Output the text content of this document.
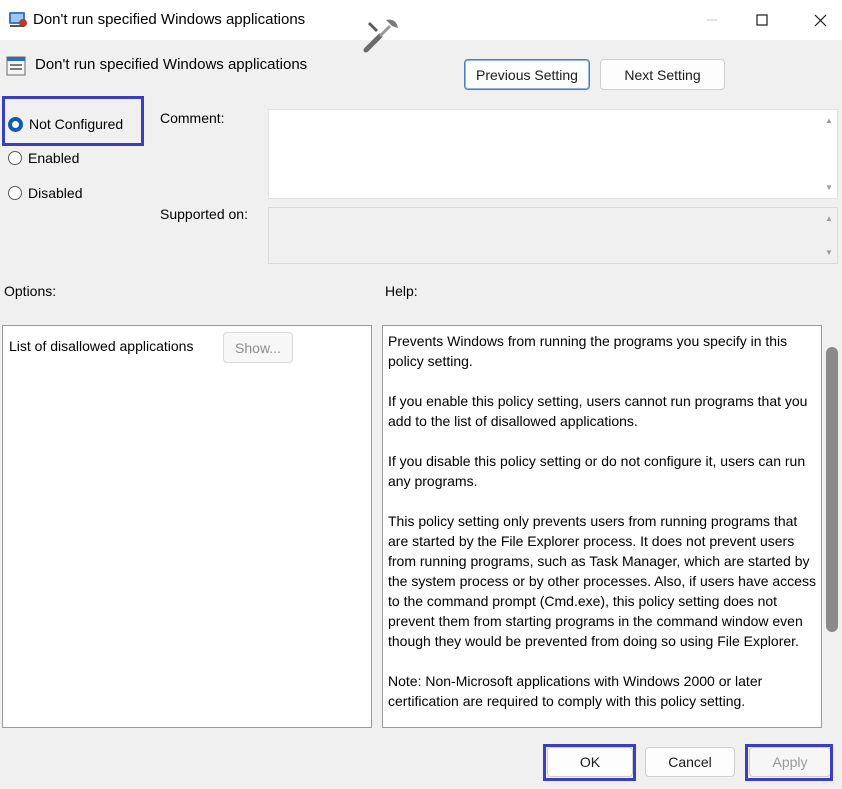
Don't run specified Windows applications
Don't run specified Windows applications
Previous Setting	Next Setting
Not Configured
Enabled
Disabled
Comment:
Supported on:
Options:	Help:
▲
▼
▲
▼
List of disallowed applications	Show...	Prevents Windows from running the programs you specify in this policy setting.

If you enable this policy setting, users cannot run programs that you add to the list of disallowed applications.

If you disable this policy setting or do not configure it, users can run any programs.

This policy setting only prevents users from running programs that are started by the File Explorer process. It does not prevent users from running programs, such as Task Manager, which are started by the system process or by other processes. Also, if users have access to the command prompt (Cmd.exe), this policy setting does not prevent them from starting programs in the command window even though they would be prevented from doing so using File Explorer.

Note: Non-Microsoft applications with Windows 2000 or later certification are required to comply with this policy setting.

OK	Cancel	Apply
